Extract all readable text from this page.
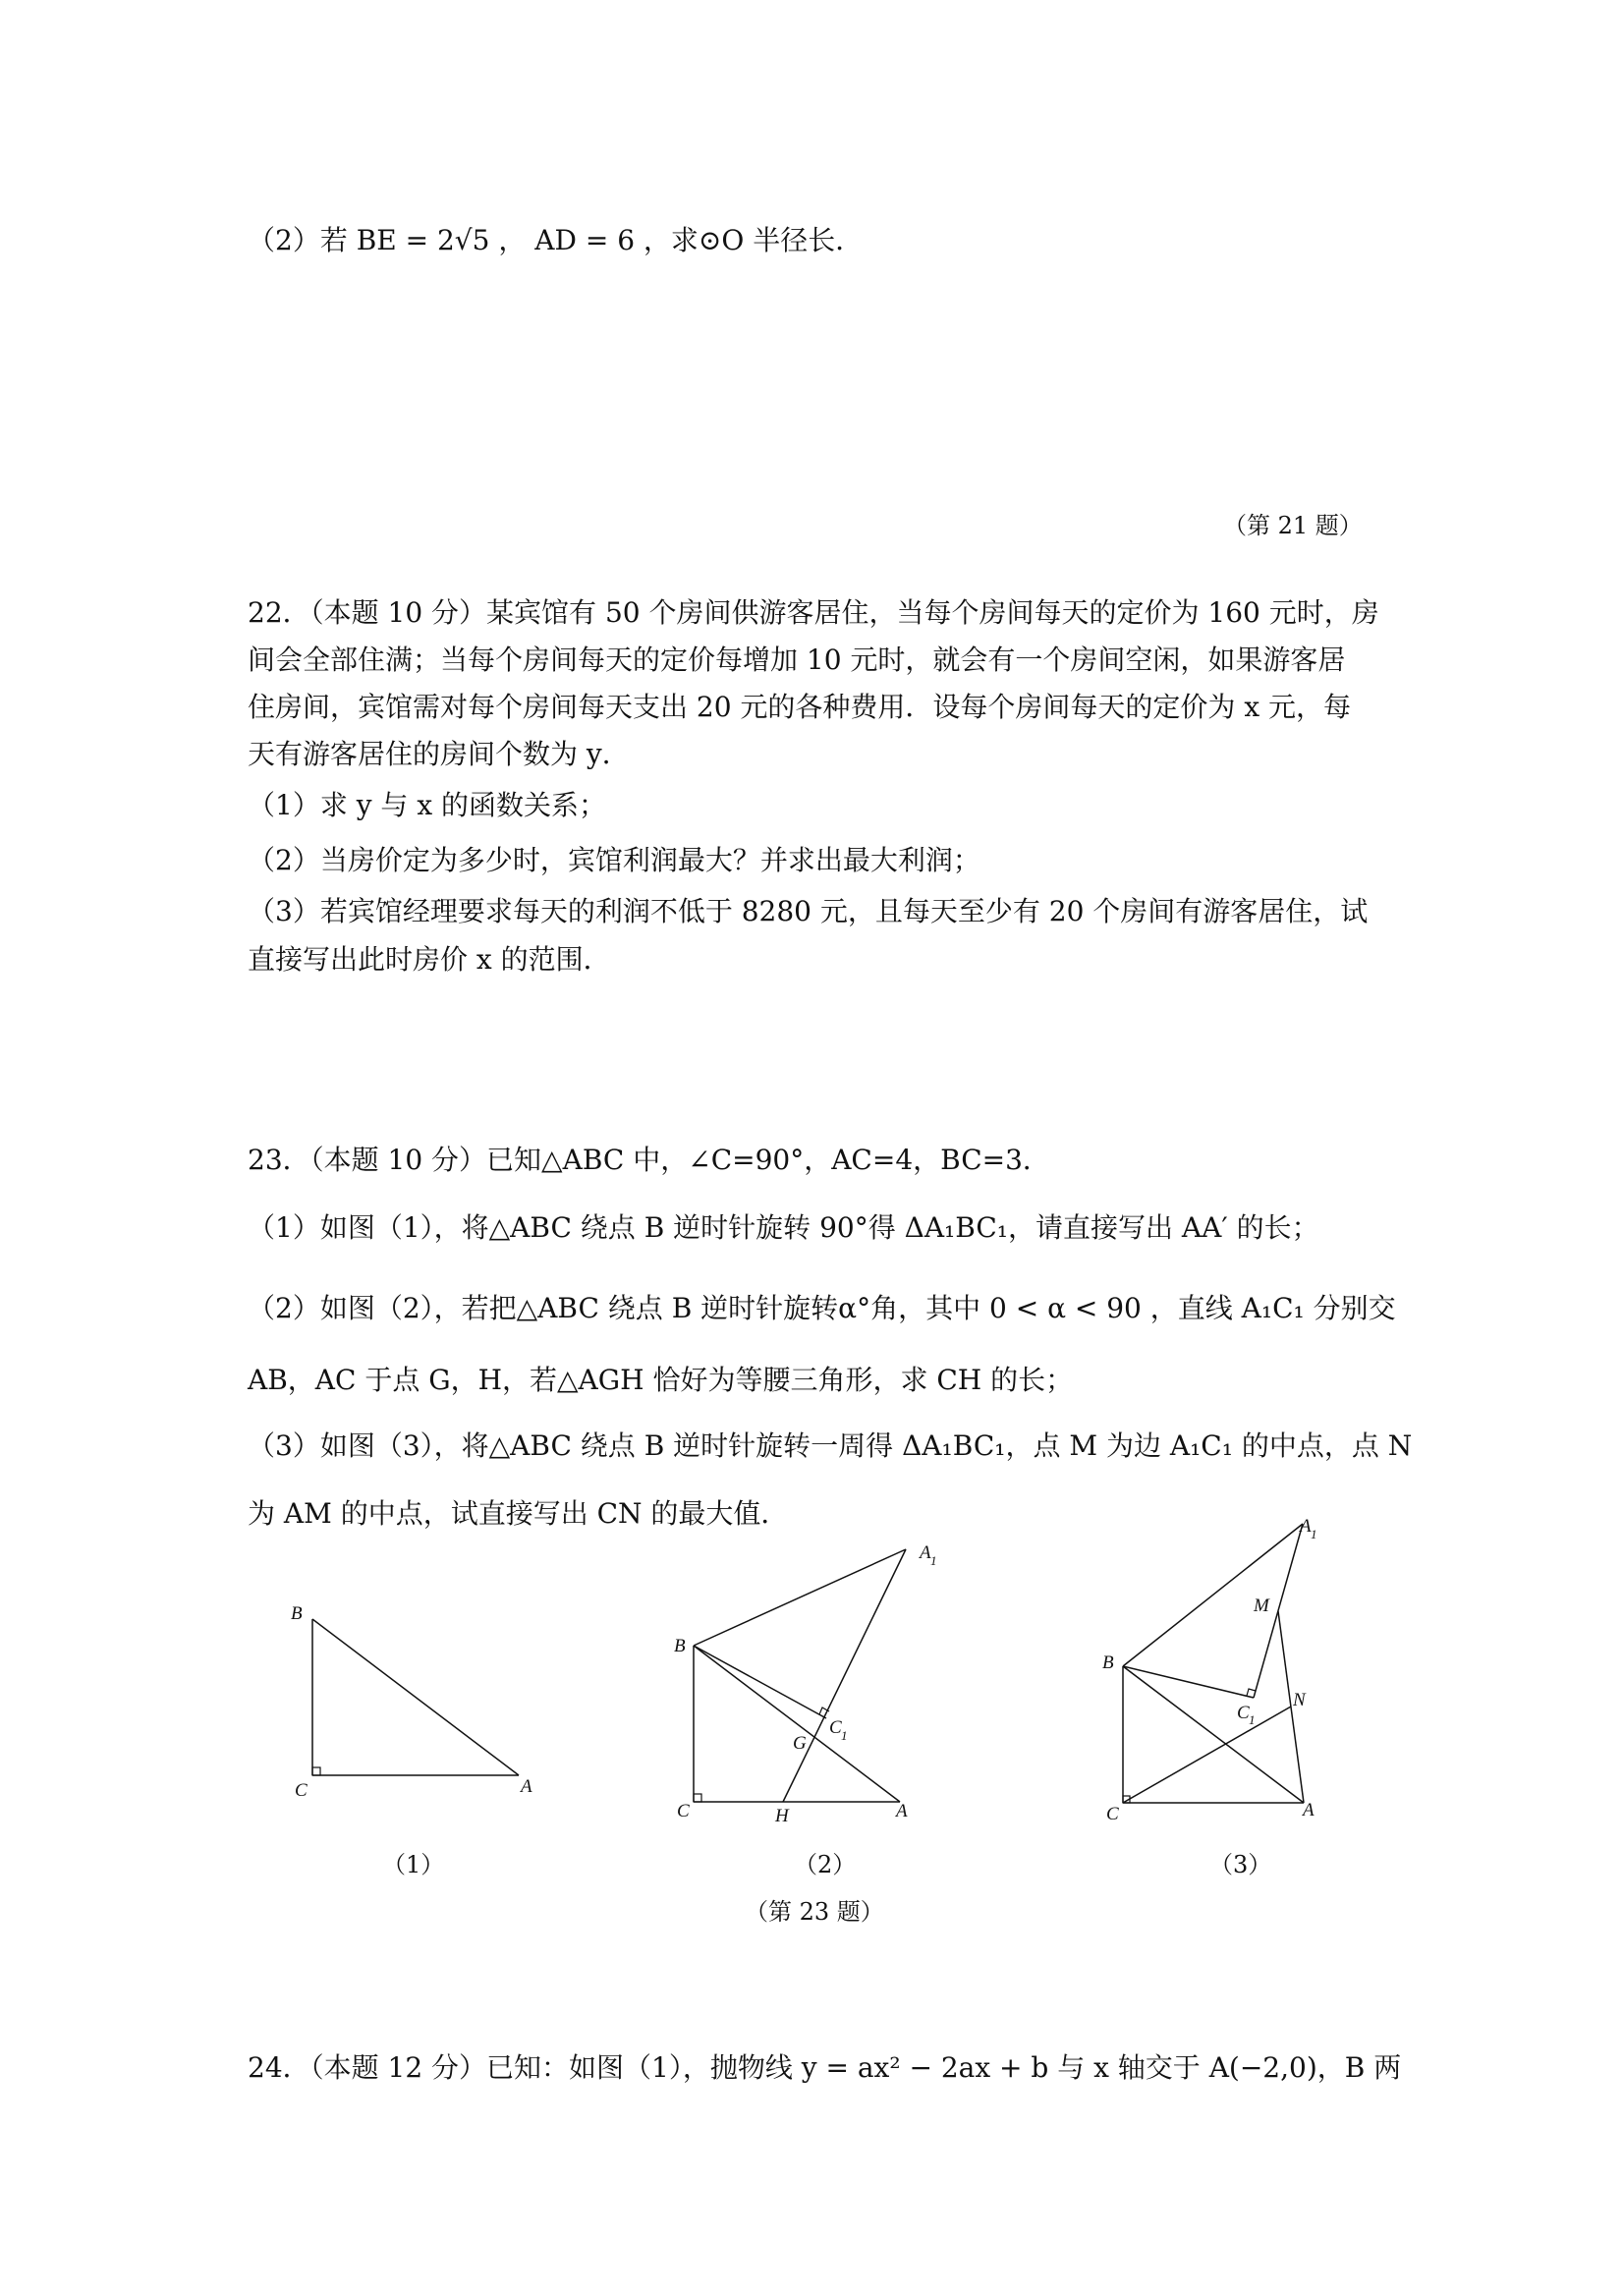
（2）若 BE = 2√5 ， AD = 6 ，求⊙O 半径长．
（第 21 题）
22．（本题 10 分）某宾馆有 50 个房间供游客居住，当每个房间每天的定价为 160 元时，房
间会全部住满；当每个房间每天的定价每增加 10 元时，就会有一个房间空闲，如果游客居
住房间，宾馆需对每个房间每天支出 20 元的各种费用．设每个房间每天的定价为 x 元，每
天有游客居住的房间个数为 y．
（1）求 y 与 x 的函数关系；
（2）当房价定为多少时，宾馆利润最大？并求出最大利润；
（3）若宾馆经理要求每天的利润不低于 8280 元，且每天至少有 20 个房间有游客居住，试
直接写出此时房价 x 的范围．
23．（本题 10 分）已知△ABC 中，∠C=90°，AC=4，BC=3．
（1）如图（1），将△ABC 绕点 B 逆时针旋转 90°得 ΔA₁BC₁，请直接写出 AA′ 的长；
（2）如图（2），若把△ABC 绕点 B 逆时针旋转α°角，其中 0 < α < 90 ，直线 A₁C₁ 分别交
AB，AC 于点 G，H，若△AGH 恰好为等腰三角形，求 CH 的长；
（3）如图（3），将△ABC 绕点 B 逆时针旋转一周得 ΔA₁BC₁，点 M 为边 A₁C₁ 的中点，点 N
为 AM 的中点，试直接写出 CN 的最大值．
B
C	A
（1）
A 1
B
C 1
G
C	H	A
（2）
A 1
M
B
C 1
N
C	A
（3）
（第 23 题）
24．（本题 12 分）已知：如图（1），抛物线 y = ax² − 2ax + b 与 x 轴交于 A(−2,0)，B 两
